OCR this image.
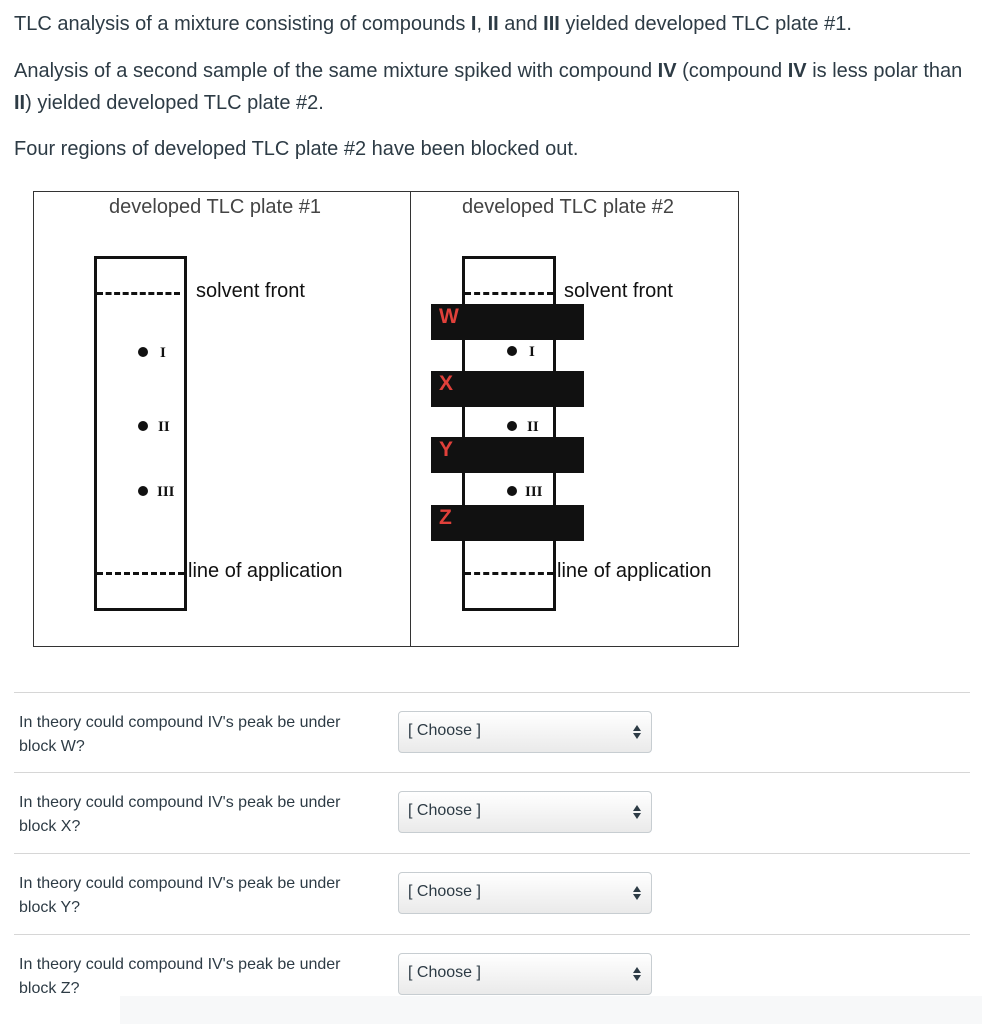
TLC analysis of a mixture consisting of compounds I, II and III yielded developed TLC plate #1.

Analysis of a second sample of the same mixture spiked with compound IV (compound IV is less polar than II) yielded developed TLC plate #2.

Four regions of developed TLC plate #2 have been blocked out.

developed TLC plate #1
solvent front
line of application
I
II
III
developed TLC plate #2
solvent front
line of application
I
II
III
W
X
Y
Z
In theory could compound IV's peak be under block W?
[ Choose ]
In theory could compound IV's peak be under block X?
[ Choose ]
In theory could compound IV's peak be under block Y?
[ Choose ]
In theory could compound IV's peak be under block Z?
[ Choose ]
